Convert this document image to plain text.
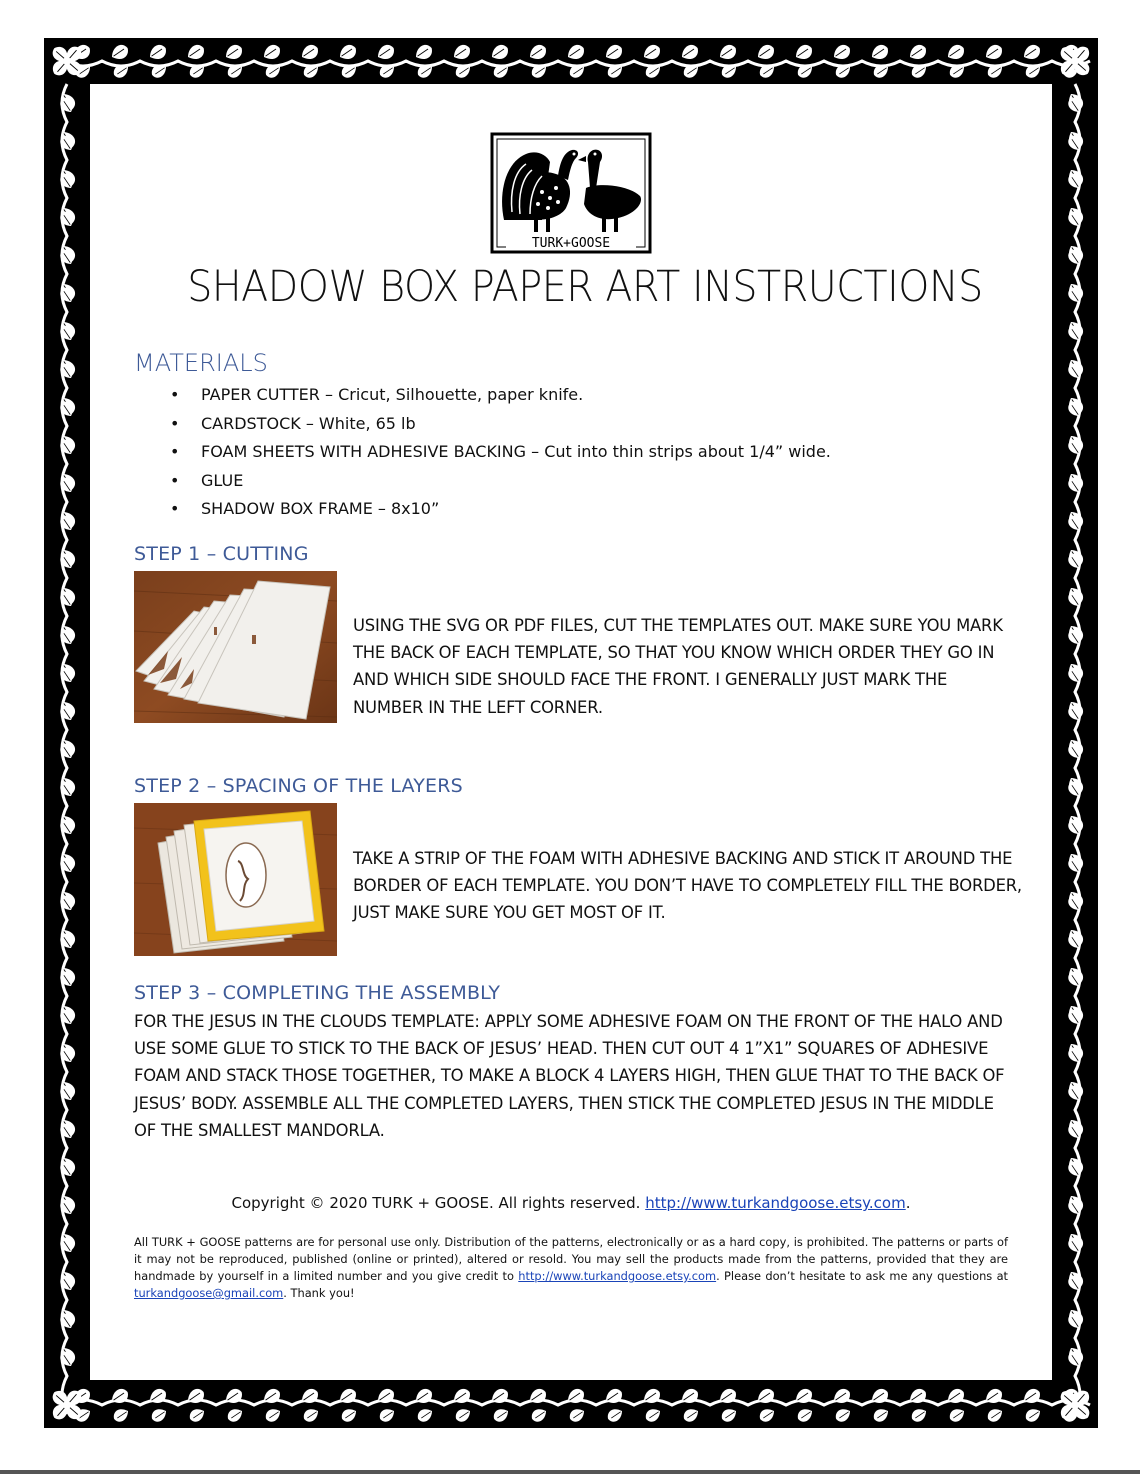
TURK+GOOSE
SHADOW BOX PAPER ART INSTRUCTIONS
MATERIALS
• PAPER CUTTER – Cricut, Silhouette, paper knife.
• CARDSTOCK – White, 65 lb
• FOAM SHEETS WITH ADHESIVE BACKING – Cut into thin strips about 1/4” wide.
• GLUE
• SHADOW BOX FRAME – 8x10”
STEP 1 – CUTTING
USING THE SVG OR PDF FILES, CUT THE TEMPLATES OUT. MAKE SURE YOU MARK THE BACK OF EACH TEMPLATE, SO THAT YOU KNOW WHICH ORDER THEY GO IN AND WHICH SIDE SHOULD FACE THE FRONT. I GENERALLY JUST MARK THE NUMBER IN THE LEFT CORNER.
STEP 2 – SPACING OF THE LAYERS
TAKE A STRIP OF THE FOAM WITH ADHESIVE BACKING AND STICK IT AROUND THE BORDER OF EACH TEMPLATE. YOU DON’T HAVE TO COMPLETELY FILL THE BORDER, JUST MAKE SURE YOU GET MOST OF IT.
STEP 3 – COMPLETING THE ASSEMBLY
FOR THE JESUS IN THE CLOUDS TEMPLATE: APPLY SOME ADHESIVE FOAM ON THE FRONT OF THE HALO AND USE SOME GLUE TO STICK TO THE BACK OF JESUS’ HEAD. THEN CUT OUT 4 1”X1” SQUARES OF ADHESIVE FOAM AND STACK THOSE TOGETHER, TO MAKE A BLOCK 4 LAYERS HIGH, THEN GLUE THAT TO THE BACK OF JESUS’ BODY. ASSEMBLE ALL THE COMPLETED LAYERS, THEN STICK THE COMPLETED JESUS IN THE MIDDLE OF THE SMALLEST MANDORLA.
Copyright © 2020 TURK + GOOSE. All rights reserved. http://www.turkandgoose.etsy.com.
All TURK + GOOSE patterns are for personal use only. Distribution of the patterns, electronically or as a hard copy, is prohibited. The patterns or parts of it may not be reproduced, published (online or printed), altered or resold. You may sell the products made from the patterns, provided that they are handmade by yourself in a limited number and you give credit to http://www.turkandgoose.etsy.com. Please don’t hesitate to ask me any questions at turkandgoose@gmail.com. Thank you!
